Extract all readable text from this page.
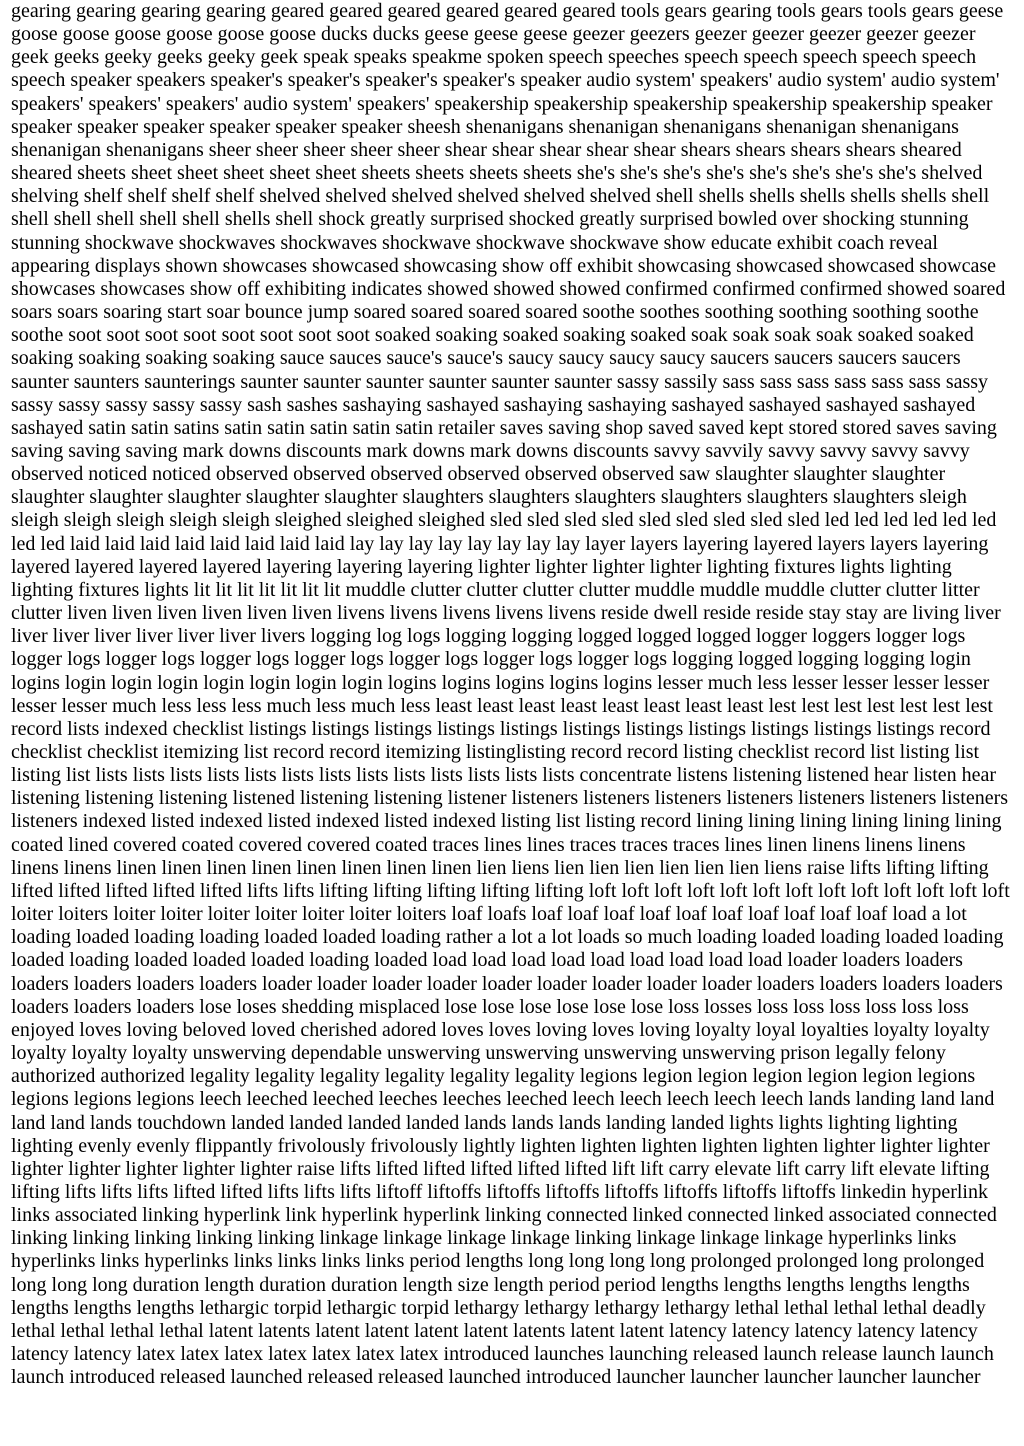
gearing gearing gearing gearing geared geared geared geared geared geared tools gears gearing tools gears tools gears geese goose goose goose goose goose goose ducks ducks geese geese geese geezer geezers geezer geezer geezer geezer geezer geek geeks geeky geeks geeky geek speak speaks speakme spoken speech speeches speech speech speech speech speech speech speaker speakers speaker's speaker's speaker's speaker's speaker audio system' speakers' audio system' audio system' speakers' speakers' speakers' audio system' speakers' speakership speakership speakership speakership speakership speaker speaker speaker speaker speaker speaker speaker sheesh shenanigans shenanigan shenanigans shenanigan shenanigans shenanigan shenanigans sheer sheer sheer sheer sheer shear shear shear shear shear shears shears shears shears sheared sheared sheets sheet sheet sheet sheet sheet sheets sheets sheets sheets she's she's she's she's she's she's she's she's shelved shelving shelf shelf shelf shelf shelved shelved shelved shelved shelved shelved shell shells shells shells shells shells shell shell shell shell shell shell shells shell shock greatly surprised shocked greatly surprised bowled over shocking stunning stunning shockwave shockwaves shockwaves shockwave shockwave shockwave show educate exhibit coach reveal appearing displays shown showcases showcased showcasing show off exhibit showcasing showcased showcased showcase showcases showcases show off exhibiting indicates showed showed showed confirmed confirmed confirmed showed soared soars soars soaring start soar bounce jump soared soared soared soared soothe soothes soothing soothing soothing soothe soothe soot soot soot soot soot soot soot soot soaked soaking soaked soaking soaked soak soak soak soak soaked soaked soaking soaking soaking soaking sauce sauces sauce's sauce's saucy saucy saucy saucy saucers saucers saucers saucers saunter saunters saunterings saunter saunter saunter saunter saunter saunter sassy sassily sass sass sass sass sass sass sassy sassy sassy sassy sassy sassy sash sashes sashaying sashayed sashaying sashaying sashayed sashayed sashayed sashayed sashayed satin satin satins satin satin satin satin satin retailer saves saving shop saved saved kept stored stored saves saving saving saving saving mark downs discounts mark downs mark downs discounts savvy savvily savvy savvy savvy savvy observed noticed noticed observed observed observed observed observed observed saw slaughter slaughter slaughter slaughter slaughter slaughter slaughter slaughter slaughters slaughters slaughters slaughters slaughters slaughters sleigh sleigh sleigh sleigh sleigh sleigh sleighed sleighed sleighed sled sled sled sled sled sled sled sled sled led led led led led led led led laid laid laid laid laid laid laid laid lay lay lay lay lay lay lay lay layer layers layering layered layers layers layering layered layered layered layered layering layering layering lighter lighter lighter lighter lighting fixtures lights lighting lighting fixtures lights lit lit lit lit lit lit lit muddle clutter clutter clutter clutter muddle muddle muddle clutter clutter litter clutter liven liven liven liven liven liven livens livens livens livens livens reside dwell reside reside stay stay are living liver liver liver liver liver liver liver livers logging log logs logging logging logged logged logged logger loggers logger logs logger logs logger logs logger logs logger logs logger logs logger logs logger logs logging logged logging logging login logins login login login login login login login logins logins logins logins logins lesser much less lesser lesser lesser lesser lesser lesser much less less less much less much less least least least least least least least least lest lest lest lest lest lest lest record lists indexed checklist listings listings listings listings listings listings listings listings listings listings listings record checklist checklist itemizing list record record itemizing listinglisting record record listing checklist record list listing list listing list lists lists lists lists lists lists lists lists lists lists lists lists lists concentrate listens listening listened hear listen hear listening listening listening listened listening listening listener listeners listeners listeners listeners listeners listeners listeners listeners indexed listed indexed listed indexed listed indexed listing list listing record lining lining lining lining lining lining coated lined covered coated covered covered coated traces lines lines traces traces traces lines linen linens linens linens linens linens linen linen linen linen linen linen linen linen lien liens lien lien lien lien lien lien liens raise lifts lifting lifting lifted lifted lifted lifted lifted lifts lifts lifting lifting lifting lifting lifting loft loft loft loft loft loft loft loft loft loft loft loft loft loiter loiters loiter loiter loiter loiter loiter loiter loiters loaf loafs loaf loaf loaf loaf loaf loaf loaf loaf loaf loaf load a lot loading loaded loading loading loaded loaded loading rather a lot a lot loads so much loading loaded loading loaded loading loaded loading loaded loaded loaded loading loaded load load load load load load load load load loader loaders loaders loaders loaders loaders loaders loader loader loader loader loader loader loader loader loader loaders loaders loaders loaders loaders loaders loaders lose loses shedding misplaced lose lose lose lose lose lose loss losses loss loss loss loss loss loss enjoyed loves loving beloved loved cherished adored loves loves loving loves loving loyalty loyal loyalties loyalty loyalty loyalty loyalty loyalty unswerving dependable unswerving unswerving unswerving unswerving prison legally felony authorized authorized legality legality legality legality legality legality legions legion legion legion legion legion legions legions legions legions leech leeched leeched leeches leeches leeched leech leech leech leech leech lands landing land land land land lands touchdown landed landed landed landed lands lands lands landing landed lights lights lighting lighting lighting evenly evenly flippantly frivolously frivolously lightly lighten lighten lighten lighten lighten lighter lighter lighter lighter lighter lighter lighter lighter raise lifts lifted lifted lifted lifted lifted lift lift carry elevate lift carry lift elevate lifting lifting lifts lifts lifts lifted lifted lifts lifts lifts liftoff liftoffs liftoffs liftoffs liftoffs liftoffs liftoffs liftoffs linkedin hyperlink links associated linking hyperlink link hyperlink hyperlink linking connected linked connected linked associated connected linking linking linking linking linking linkage linkage linkage linkage linking linkage linkage linkage hyperlinks links hyperlinks links hyperlinks links links links links period lengths long long long long prolonged prolonged long prolonged long long long duration length duration duration length size length period period lengths lengths lengths lengths lengths lengths lengths lengths lethargic torpid lethargic torpid lethargy lethargy lethargy lethargy lethal lethal lethal lethal deadly lethal lethal lethal lethal latent latents latent latent latent latent latents latent latent latency latency latency latency latency latency latency latex latex latex latex latex latex latex introduced launches launching released launch release launch launch launch introduced released launched released released launched introduced launcher launcher launcher launcher launcher
